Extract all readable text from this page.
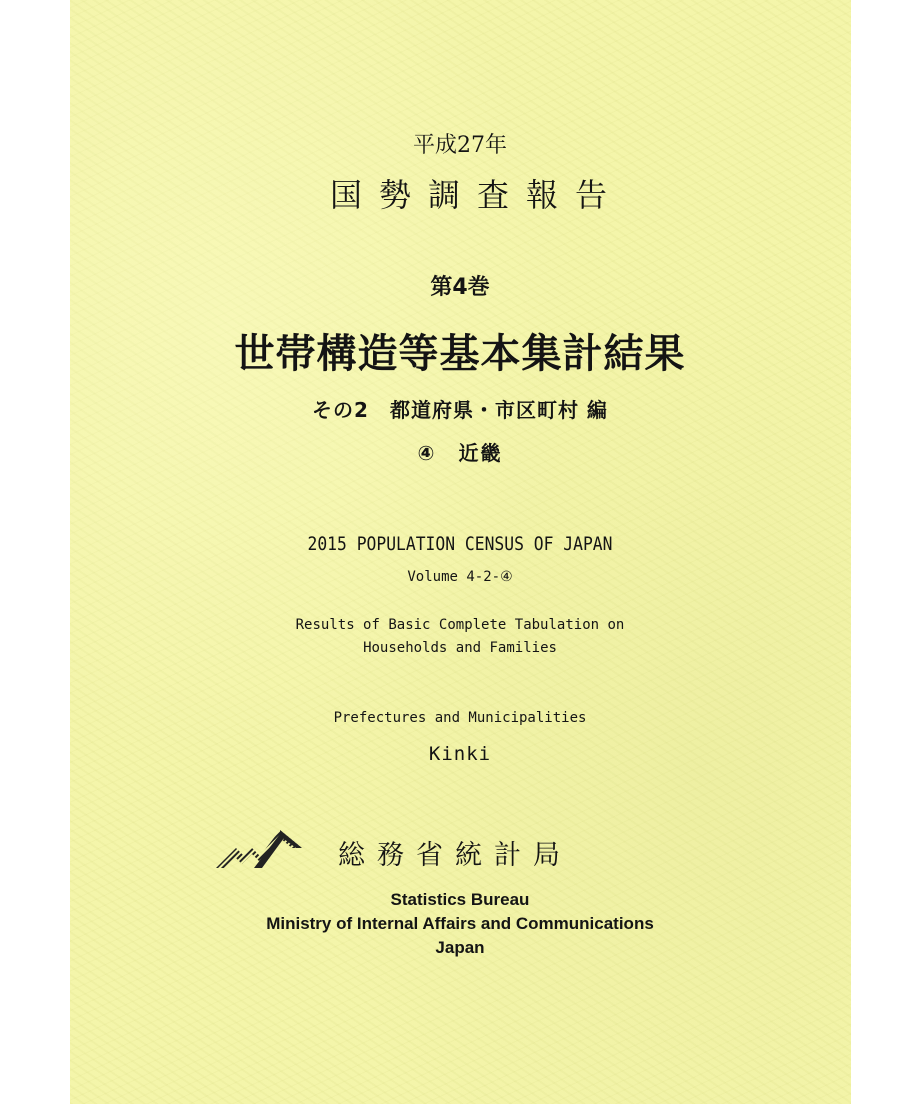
平成27年
国勢調査報告
第4巻
世帯構造等基本集計結果
その2　都道府県・市区町村 編
④　近畿
2015 POPULATION CENSUS OF JAPAN
Volume 4-2-④
Results of Basic Complete Tabulation on
Households and Families
Prefectures and Municipalities
Kinki
総務省統計局
Statistics Bureau
Ministry of Internal Affairs and Communications
Japan
